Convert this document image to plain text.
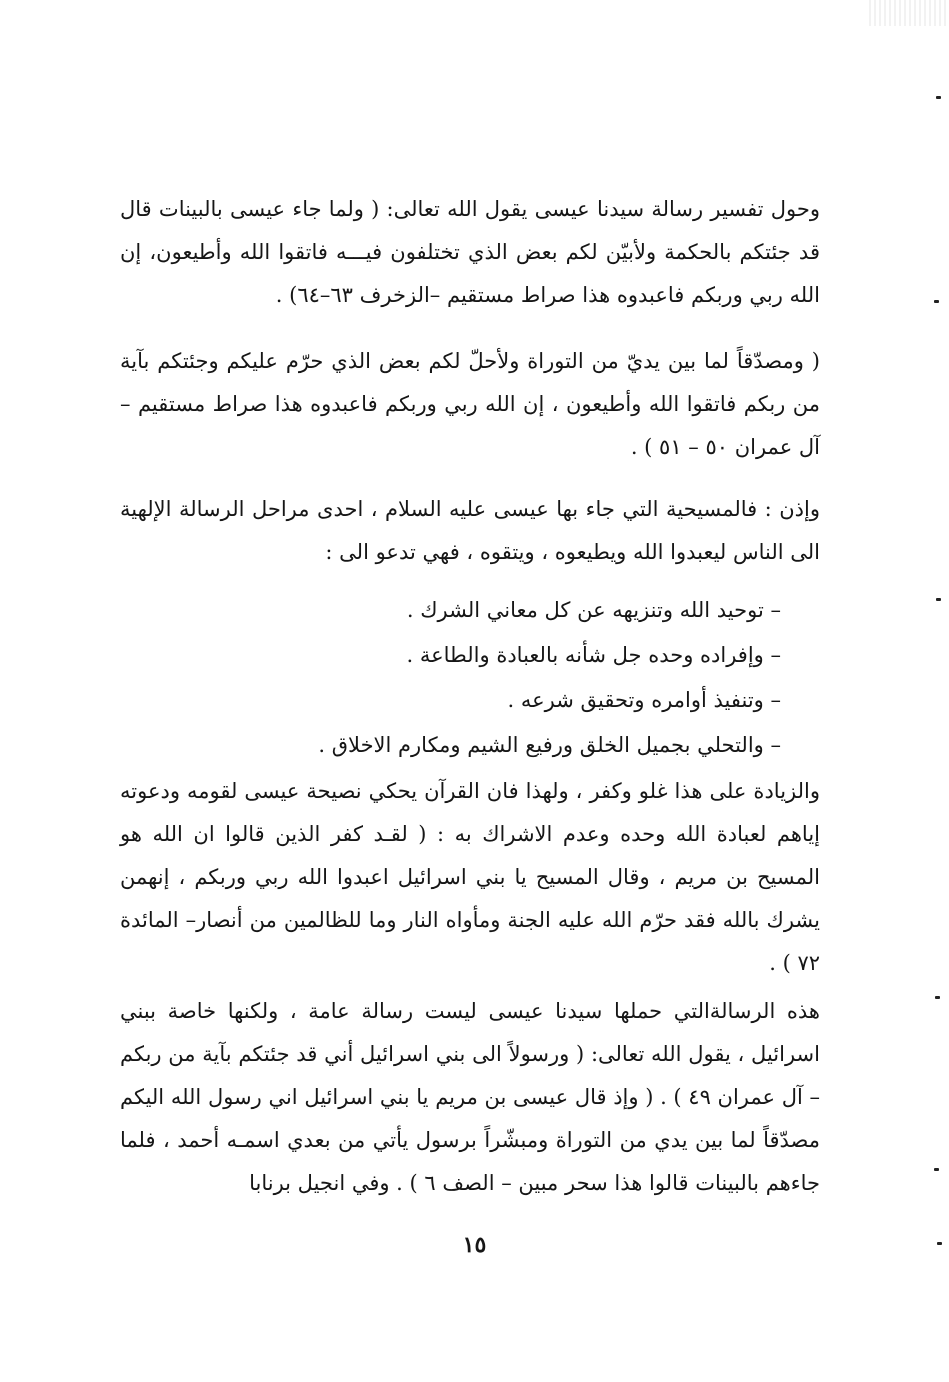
وحول تفسير رسالة سيدنا عيسى يقول الله تعالى: ( ولما جاء عيسى بالبينات قال قد جئتكم بالحكمة ولأبيّن لكم بعض الذي تختلفون فيـــه فاتقوا الله وأطيعون، إن الله ربي وربكم فاعبدوه هذا صراط مستقيم –الزخرف ٦٣–٦٤) .

( ومصدّقاً لما بين يديّ من التوراة ولأحلّ لكم بعض الذي حرّم عليكم وجئتكم بآية من ربكم فاتقوا الله وأطيعون ، إن الله ربي وربكم فاعبدوه هذا صراط مستقيم – آل عمران ٥٠ – ٥١ ) .

وإذن : فالمسيحية التي جاء بها عيسى عليه السلام ، احدى مراحل الرسالة الإلهية الى الناس ليعبدوا الله ويطيعوه ، ويتقوه ، فهي تدعو الى :

– توحيد الله وتنزيهه عن كل معاني الشرك .
– وإفراده وحده جل شأنه بالعبادة والطاعة .
– وتنفيذ أوامره وتحقيق شرعه .
– والتحلي بجميل الخلق ورفيع الشيم ومكارم الاخلاق .

والزيادة على هذا غلو وكفر ، ولهذا فان القرآن يحكي نصيحة عيسى لقومه ودعوته إياهم لعبادة الله وحده وعدم الاشراك به : ( لقـد كفر الذين قالوا ان الله هو المسيح بن مريم ، وقال المسيح يا بني اسرائيل اعبدوا الله ربي وربكم ، إنهمن يشرك بالله فقد حرّم الله عليه الجنة ومأواه النار وما للظالمين من أنصار– المائدة ٧٢ ) .

هذه الرسالةالتي حملها سيدنا عيسى ليست رسالة عامة ، ولكنها خاصة ببني اسرائيل ، يقول الله تعالى: ( ورسولاً الى بني اسرائيل أني قد جئتكم بآية من ربكم – آل عمران ٤٩ ) . ( وإذ قال عيسى بن مريم يا بني اسرائيل اني رسول الله اليكم مصدّقاً لما بين يدي من التوراة ومبشّراً برسول يأتي من بعدي اسمـه أحمد ، فلما جاءهم بالبينات قالوا هذا سحر مبين – الصف ٦ ) . وفي انجيل برنابا

١٥
